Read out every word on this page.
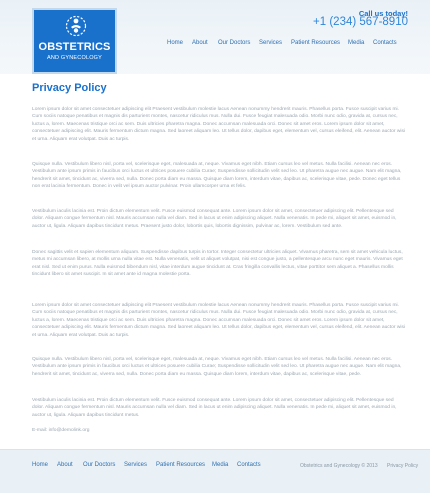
OBSTETRICS
AND GYNECOLOGY
Call us today!
+1 (234) 567-8910
Home About Our Doctors Services Patient Resources Media Contacts
Privacy Policy

Lorem ipsum dolor sit amet consectetuer adipiscing elit Praesent vestibulum molestie lacus Aenean nonummy hendrerit mauris. Phasellus porta. Fusce suscipit varius mi. Cum sociis natoque penatibus et magnis dis parturient montes, nascetur ridiculus mus. Nulla dui. Fusce feugiat malesuada odio. Morbi nunc odio, gravida at, cursus nec, luctus a, lorem. Maecenas tristique orci ac sem. Duis ultricies pharetra magna. Donec accumsan malesuada orci. Donec sit amet eros. Lorem ipsum dolor sit amet, consectetuer adipiscing elit. Mauris fermentum dictum magna. Sed laoreet aliquam leo. Ut tellus dolor, dapibus eget, elementum vel, cursus eleifend, elit. Aenean auctor wisi et urna. Aliquam erat volutpat. Duis ac turpis.

Quisque nulla. Vestibulum libero nisl, porta vel, scelerisque eget, malesuada at, neque. Vivamus eget nibh. Etiam cursus leo vel metus. Nulla facilisi. Aenean nec eros. Vestibulum ante ipsum primis in faucibus orci luctus et ultrices posuere cubilia Curae; Suspendisse sollicitudin velit sed leo. Ut pharetra augue nec augue. Nam elit magna, hendrerit sit amet, tincidunt ac, viverra sed, nulla. Donec porta diam eu massa. Quisque diam lorem, interdum vitae, dapibus ac, scelerisque vitae, pede. Donec eget tellus non erat lacinia fermentum. Donec in velit vel ipsum auctor pulvinar. Proin ullamcorper urna et felis.

Vestibulum iaculis lacinia est. Proin dictum elementum velit. Fusce euismod consequat ante. Lorem ipsum dolor sit amet, consectetuer adipiscing elit. Pellentesque sed dolor. Aliquam congue fermentum nisl. Mauris accumsan nulla vel diam. Sed in lacus ut enim adipiscing aliquet. Nulla venenatis. In pede mi, aliquet sit amet, euismod in, auctor ut, ligula. Aliquam dapibus tincidunt metus. Praesent justo dolor, lobortis quis, lobortis dignissim, pulvinar ac, lorem. Vestibulum sed ante.

Donec sagittis velit et sapien elementum aliquam. Suspendisse dapibus turpis in tortor. Integer consectetur ultricies aliquet. Vivamus pharetra, sem sit amet vehicula luctus, metus mi accumsan libero, at mollis urna nulla vitae est. Nulla venenatis, velit ut aliquet volutpat, nisi est congue justo, a pellentesque arcu nunc eget mauris. Vivamus eget erat nisl. Sed ut enim purus. Nulla euismod bibendum nisl, vitae interdum augue tincidunt at. Cras fringilla convallis lectus, vitae porttitor sem aliquet a. Phasellus mollis tincidunt libero sit amet suscipit. In sit amet ante id magna molestie porta.

Lorem ipsum dolor sit amet consectetuer adipiscing elit Praesent vestibulum molestie lacus Aenean nonummy hendrerit mauris. Phasellus porta. Fusce suscipit varius mi. Cum sociis natoque penatibus et magnis dis parturient montes, nascetur ridiculus mus. Nulla dui. Fusce feugiat malesuada odio. Morbi nunc odio, gravida at, cursus nec, luctus a, lorem. Maecenas tristique orci ac sem. Duis ultricies pharetra magna. Donec accumsan malesuada orci. Donec sit amet eros. Lorem ipsum dolor sit amet, consectetuer adipiscing elit. Mauris fermentum dictum magna. Sed laoreet aliquam leo. Ut tellus dolor, dapibus eget, elementum vel, cursus eleifend, elit. Aenean auctor wisi et urna. Aliquam erat volutpat. Duis ac turpis.

Quisque nulla. Vestibulum libero nisl, porta vel, scelerisque eget, malesuada at, neque. Vivamus eget nibh. Etiam cursus leo vel metus. Nulla facilisi. Aenean nec eros. Vestibulum ante ipsum primis in faucibus orci luctus et ultrices posuere cubilia Curae; Suspendisse sollicitudin velit sed leo. Ut pharetra augue nec augue. Nam elit magna, hendrerit sit amet, tincidunt ac, viverra sed, nulla. Donec porta diam eu massa. Quisque diam lorem, interdum vitae, dapibus ac, scelerisque vitae, pede.

Vestibulum iaculis lacinia est. Proin dictum elementum velit. Fusce euismod consequat ante. Lorem ipsum dolor sit amet, consectetuer adipiscing elit. Pellentesque sed dolor. Aliquam congue fermentum nisl. Mauris accumsan nulla vel diam. Sed in lacus ut enim adipiscing aliquet. Nulla venenatis. In pede mi, aliquet sit amet, euismod in, auctor ut, ligula. Aliquam dapibus tincidunt metus.

E-mail: info@demolink.org
Home About Our Doctors Services Patient Resources Media Contacts	Obstetrics and Gynecology © 2013 Privacy Policy
